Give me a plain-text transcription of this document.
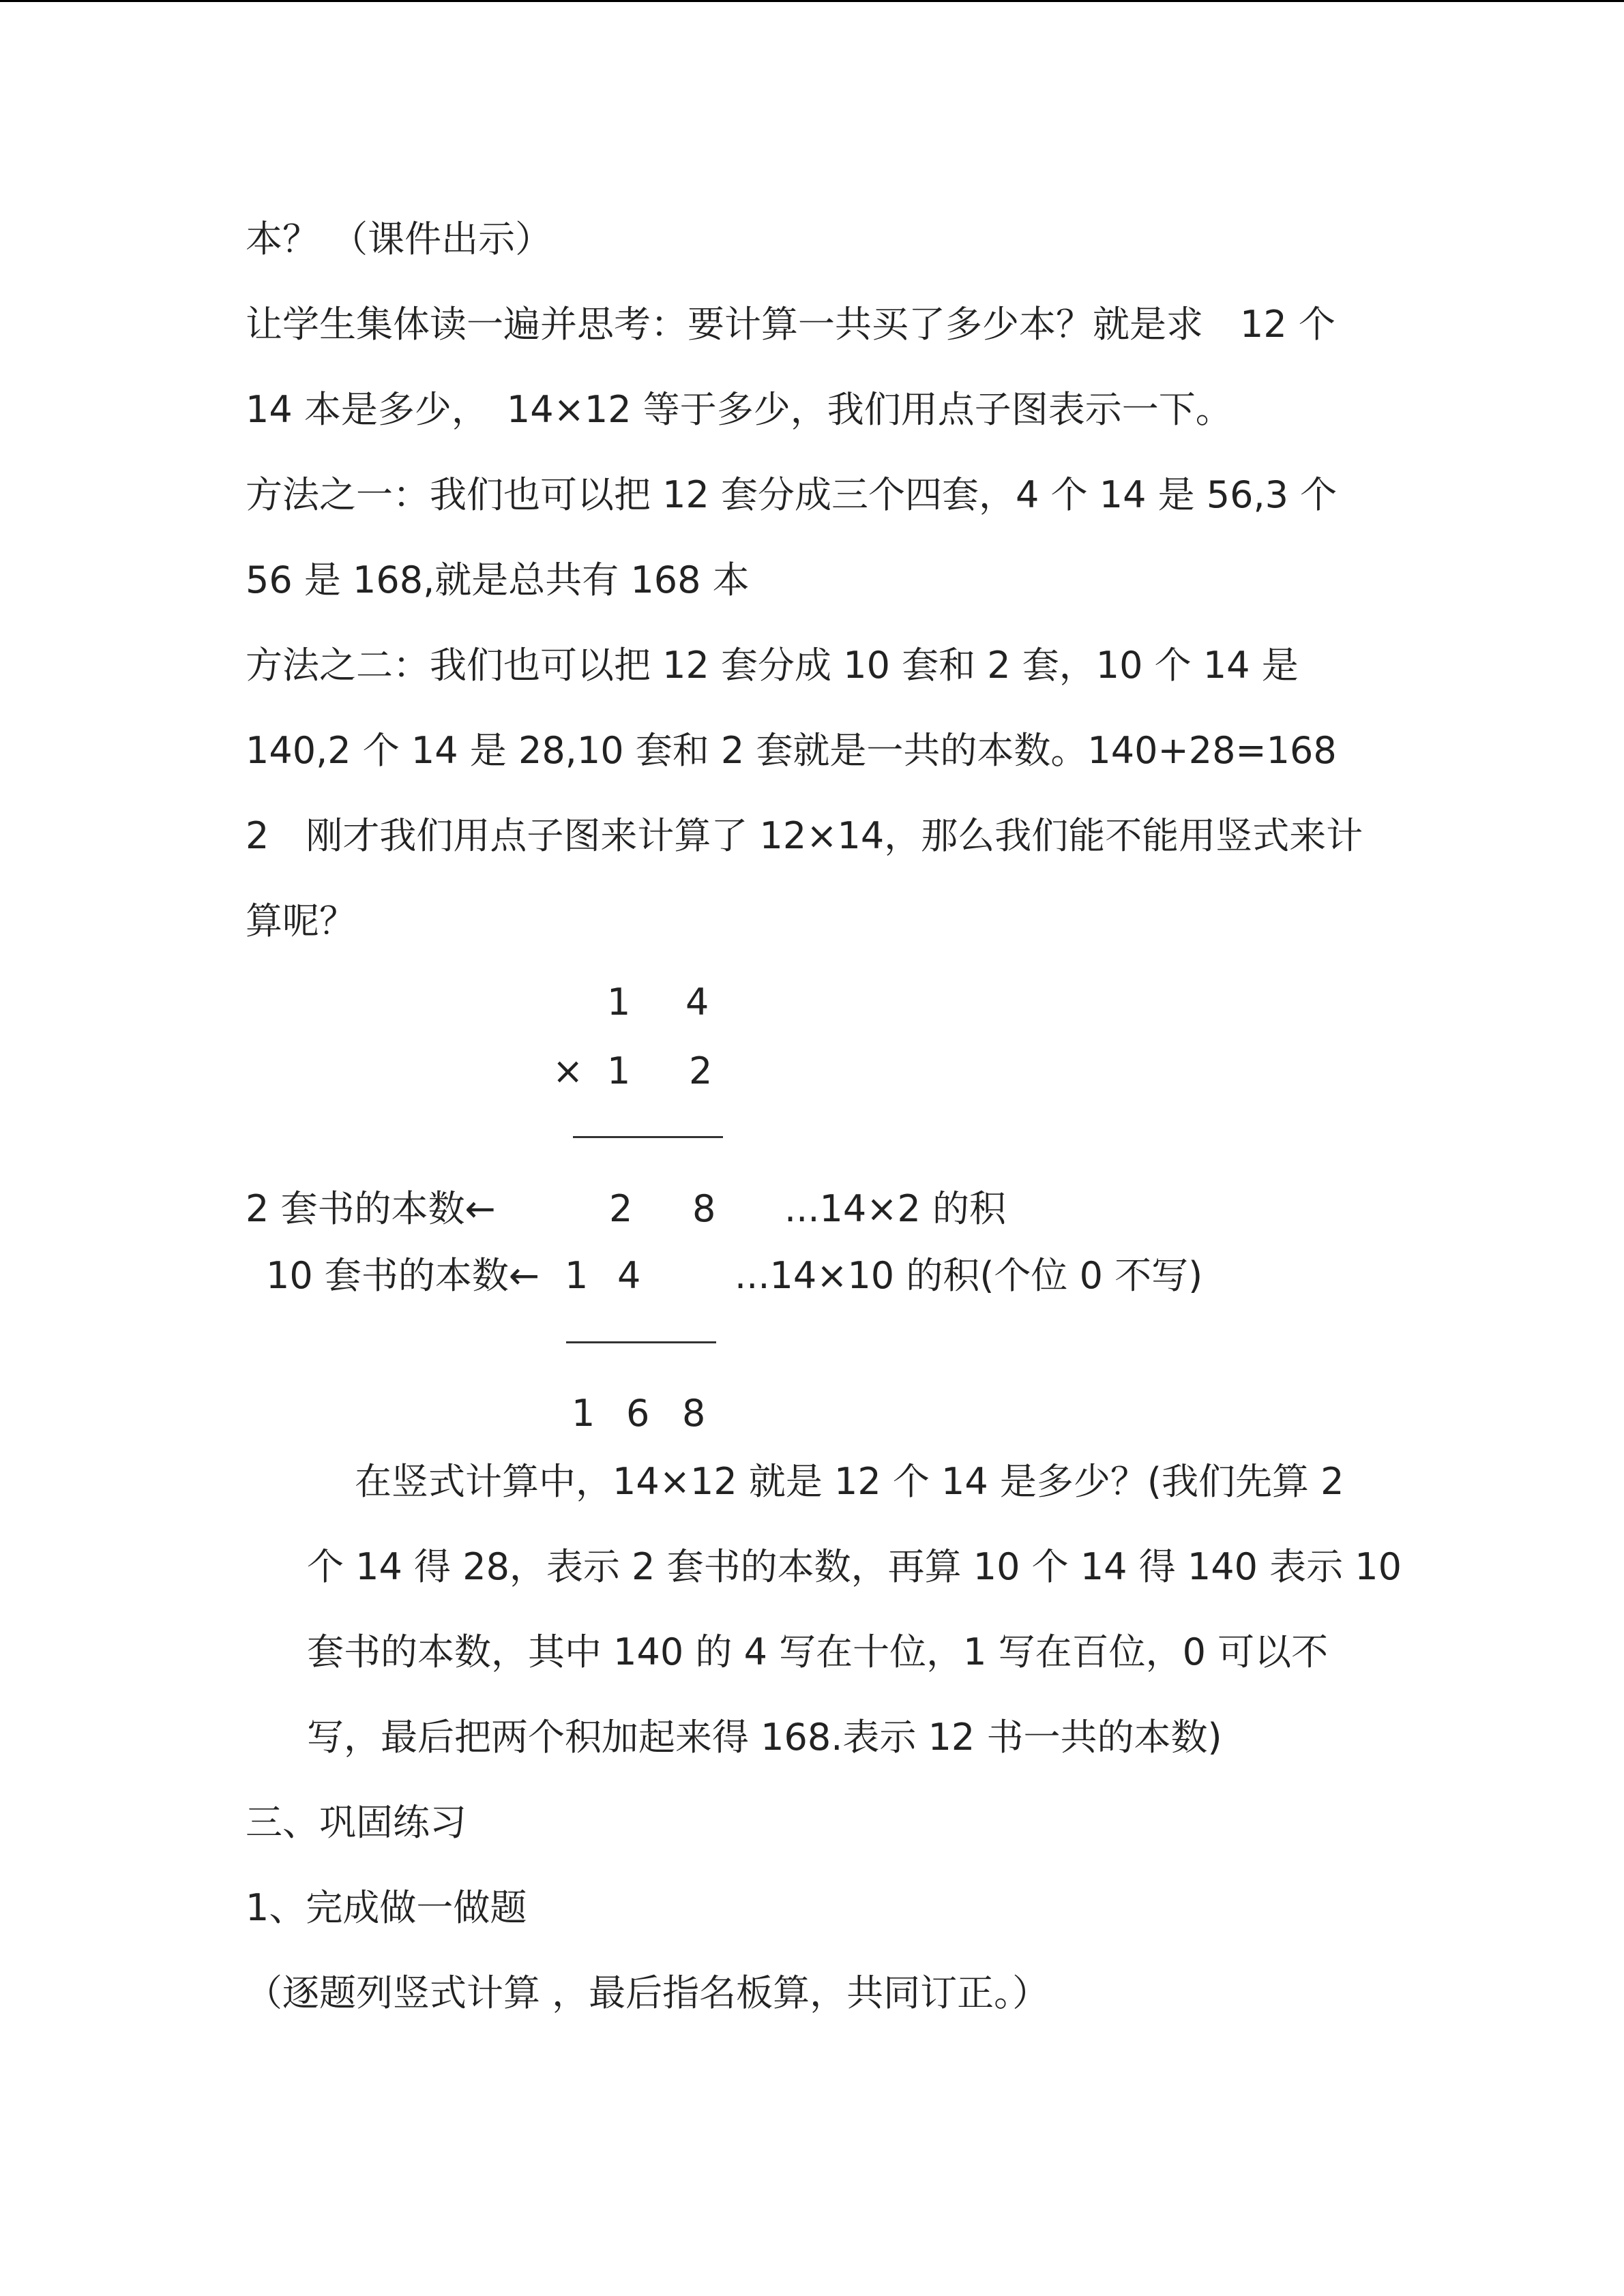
本？ （课件出示）

让学生集体读一遍并思考：要计算一共买了多少本？就是求　12 个

14 本是多少，　14×12 等于多少，我们用点子图表示一下。

方法之一：我们也可以把 12 套分成三个四套，4 个 14 是 56,3 个

56 是 168,就是总共有 168 本

方法之二：我们也可以把 12 套分成 10 套和 2 套，10 个 14 是

140,2 个 14 是 28,10 套和 2 套就是一共的本数。140+28=168

2　刚才我们用点子图来计算了 12×14，那么我们能不能用竖式来计

算呢？

1 4
× 1 2
2 套书的本数←	2 8 ...14×2 的积
10 套书的本数← 1 4	...14×10 的积(个位 0 不写)
1 6 8

在竖式计算中，14×12 就是 12 个 14 是多少？(我们先算 2

个 14 得 28，表示 2 套书的本数，再算 10 个 14 得 140 表示 10

套书的本数，其中 140 的 4 写在十位，1 写在百位，0 可以不

写，最后把两个积加起来得 168.表示 12 书一共的本数)

三、巩固练习

1、完成做一做题

（逐题列竖式计算 ，最后指名板算，共同订正。）
